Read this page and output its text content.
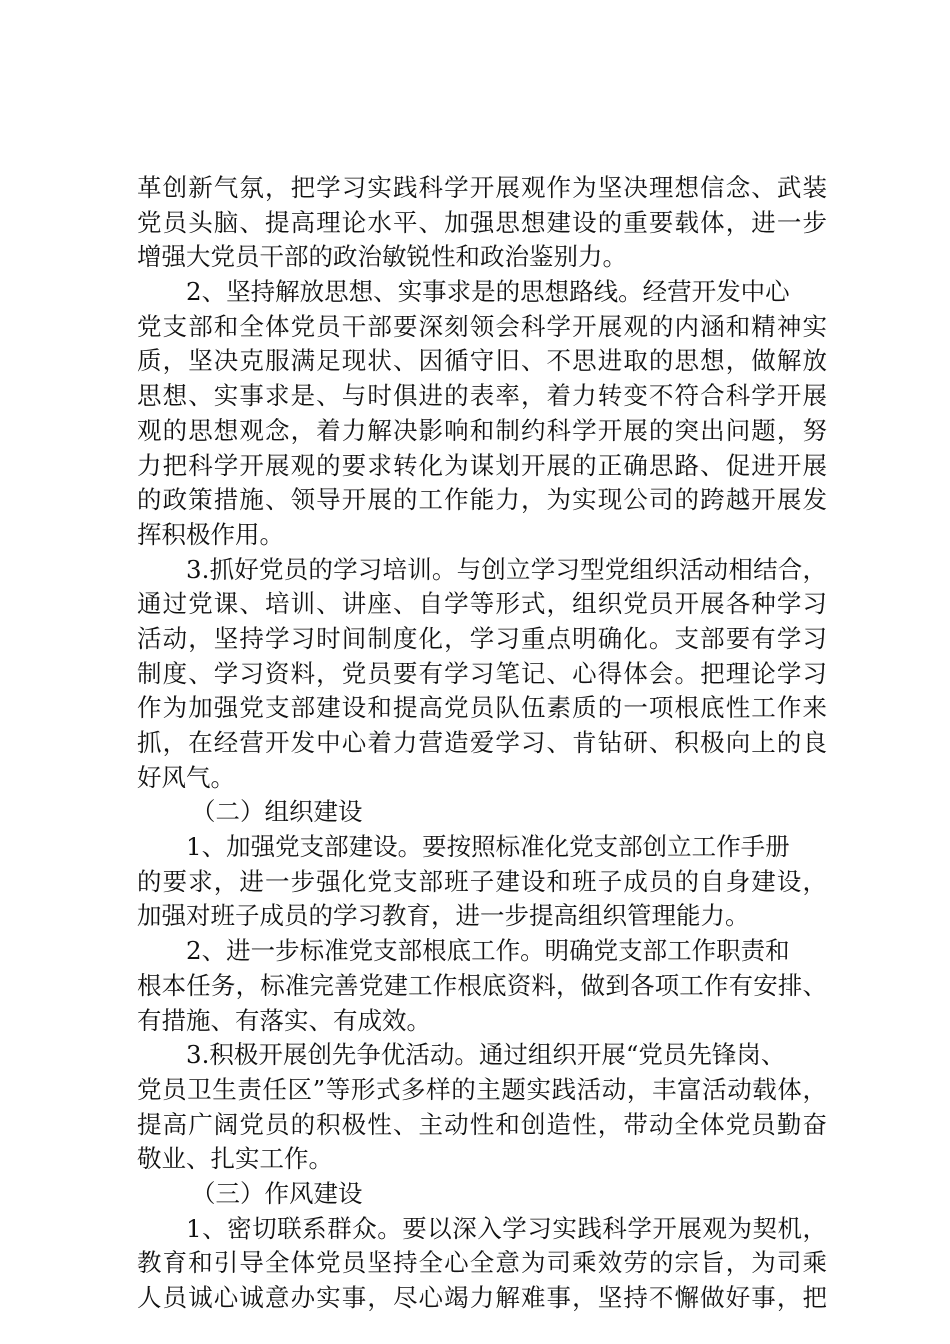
革创新气氛，把学习实践科学开展观作为坚决理想信念、武装
党员头脑、提高理论水平、加强思想建设的重要载体，进一步
增强大党员干部的政治敏锐性和政治鉴别力。
2、坚持解放思想、实事求是的思想路线。经营开发中心
党支部和全体党员干部要深刻领会科学开展观的内涵和精神实
质，坚决克服满足现状、因循守旧、不思进取的思想，做解放
思想、实事求是、与时俱进的表率，着力转变不符合科学开展
观的思想观念，着力解决影响和制约科学开展的突出问题，努
力把科学开展观的要求转化为谋划开展的正确思路、促进开展
的政策措施、领导开展的工作能力，为实现公司的跨越开展发
挥积极作用。
3.抓好党员的学习培训。与创立学习型党组织活动相结合，
通过党课、培训、讲座、自学等形式，组织党员开展各种学习
活动，坚持学习时间制度化，学习重点明确化。支部要有学习
制度、学习资料，党员要有学习笔记、心得体会。把理论学习
作为加强党支部建设和提高党员队伍素质的一项根底性工作来
抓，在经营开发中心着力营造爱学习、肯钻研、积极向上的良
好风气。
（二）组织建设
1、加强党支部建设。要按照标准化党支部创立工作手册
的要求，进一步强化党支部班子建设和班子成员的自身建设，
加强对班子成员的学习教育，进一步提高组织管理能力。
2、进一步标准党支部根底工作。明确党支部工作职责和
根本任务，标准完善党建工作根底资料，做到各项工作有安排、
有措施、有落实、有成效。
3.积极开展创先争优活动。通过组织开展“党员先锋岗、
党员卫生责任区”等形式多样的主题实践活动，丰富活动载体，
提高广阔党员的积极性、主动性和创造性，带动全体党员勤奋
敬业、扎实工作。
（三）作风建设
1、密切联系群众。要以深入学习实践科学开展观为契机，
教育和引导全体党员坚持全心全意为司乘效劳的宗旨，为司乘
人员诚心诚意办实事，尽心竭力解难事，坚持不懈做好事，把
